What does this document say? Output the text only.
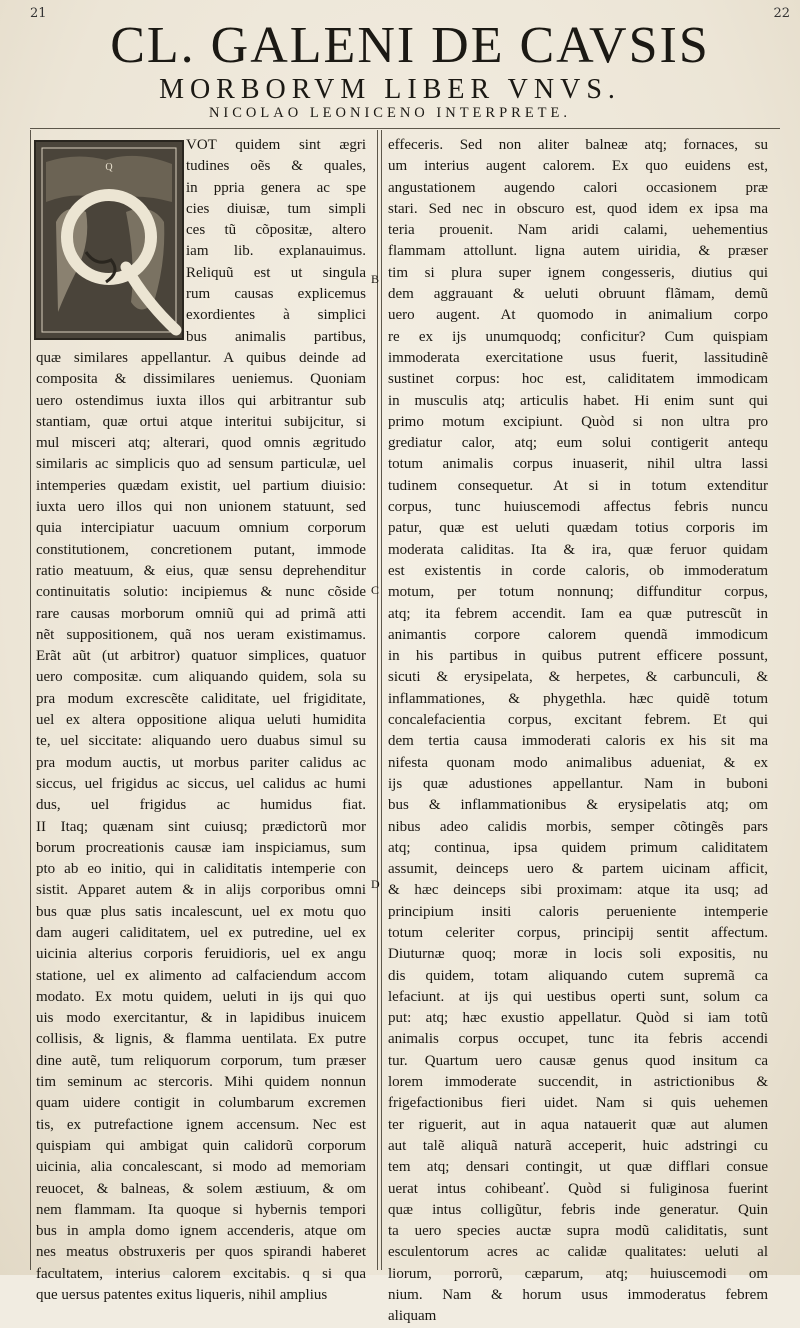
21	22
CL. GALENI DE CAVSIS
MORBORVM LIBER VNVS.
NICOLAO LEONICENO INTERPRETE.
Q
VOT quidem sint ægri
tudines oẽs & quales,
in ppria genera ac spe
cies diuisæ, tum simpli
ces tũ cõpositæ, altero
iam lib. explanauimus.
Reliquũ est ut singula
rum causas explicemus
exordientes à simplici
bus animalis partibus,
quæ similares appellantur. A quibus deinde ad
composita & dissimilares ueniemus. Quoniam
uero ostendimus iuxta illos qui arbitrantur sub
stantiam, quæ ortui atque interitui subijcitur, si
mul misceri atq; alterari, quod omnis ægritudo
similaris ac simplicis quo ad sensum particulæ, uel
intemperies quædam existit, uel partium diuisio:
iuxta uero illos qui non unionem statuunt, sed
quia intercipiatur uacuum omnium corporum
constitutionem, concretionem putant, immode
ratio meatuum, & eius, quæ sensu deprehenditur
continuitatis solutio: incipiemus & nunc cõside
rare causas morborum omniũ qui ad primã atti
nẽt suppositionem, quã nos ueram existimamus.
Erãt aũt (ut arbitror) quatuor simplices, quatuor
uero compositæ. cum aliquando quidem, sola su
pra modum excrescẽte caliditate, uel frigiditate,
uel ex altera oppositione aliqua ueluti humidita
te, uel siccitate: aliquando uero duabus simul su
pra modum auctis, ut morbus pariter calidus ac
siccus, uel frigidus ac siccus, uel calidus ac humi
dus, uel frigidus ac humidus fiat.
II Itaq; quænam sint cuiusq; prædictorũ mor
borum procreationis causæ iam inspiciamus, sum
pto ab eo initio, qui in caliditatis intemperie con
sistit. Apparet autem & in alijs corporibus omni
bus quæ plus satis incalescunt, uel ex motu quo
dam augeri caliditatem, uel ex putredine, uel ex
uicinia alterius corporis feruidioris, uel ex angu
statione, uel ex alimento ad calfaciendum accom
modato. Ex motu quidem, ueluti in ijs qui quo
uis modo exercitantur, & in lapidibus inuicem
collisis, & lignis, & flamma uentilata. Ex putre
dine autẽ, tum reliquorum corporum, tum præser
tim seminum ac stercoris. Mihi quidem nonnun
quam uidere contigit in columbarum excremen
tis, ex putrefactione ignem accensum. Nec est
quispiam qui ambigat quin calidorũ corporum
uicinia, alia concalescant, si modo ad memoriam
reuocet, & balneas, & solem æstiuum, & om
nem flammam. Ita quoque si hybernis tempori
bus in ampla domo ignem accenderis, atque om
nes meatus obstruxeris per quos spirandi haberet
facultatem, interius calorem excitabis. q si qua
que uersus patentes exitus liqueris, nihil amplius
effeceris. Sed non aliter balneæ atq; fornaces, su
um interius augent calorem. Ex quo euidens est,
angustationem augendo calori occasionem præ
stari. Sed nec in obscuro est, quod idem ex ipsa ma
teria prouenit. Nam aridi calami, uehementius
flammam attollunt. ligna autem uiridia, & præser
tim si plura super ignem congesseris, diutius qui
dem aggrauant & ueluti obruunt flãmam, demũ
uero augent. At quomodo in animalium corpo
re ex ijs unumquodq; conficitur? Cum quispiam
immoderata exercitatione usus fuerit, lassitudinẽ
sustinet corpus: hoc est, caliditatem immodicam
in musculis atq; articulis habet. Hi enim sunt qui
primo motum excipiunt. Quòd si non ultra pro
grediatur calor, atq; eum solui contigerit antequ
totum animalis corpus inuaserit, nihil ultra lassi
tudinem consequetur. At si in totum extenditur
corpus, tunc huiuscemodi affectus febris nuncu
patur, quæ est ueluti quædam totius corporis im
moderata caliditas. Ita & ira, quæ feruor quidam
est existentis in corde caloris, ob immoderatum
motum, per totum nonnunq; diffunditur corpus,
atq; ita febrem accendit. Iam ea quæ putrescũt in
animantis corpore calorem quendã immodicum
in his partibus in quibus putrent efficere possunt,
sicuti & erysipelata, & herpetes, & carbunculi, &
inflammationes, & phygethla. hæc quidẽ totum
concalefacientia corpus, excitant febrem. Et qui
dem tertia causa immoderati caloris ex his sit ma
nifesta quonam modo animalibus adueniat, & ex
ijs quæ adustiones appellantur. Nam in buboni
bus & inflammationibus & erysipelatis atq; om
nibus adeo calidis morbis, semper cõtingẽs pars
atq; continua, ipsa quidem primum caliditatem
assumit, deinceps uero & partem uicinam afficit,
& hæc deinceps sibi proximam: atque ita usq; ad
principium insiti caloris perueniente intemperie
totum celeriter corpus, principij sentit affectum.
Diuturnæ quoq; moræ in locis soli expositis, nu
dis quidem, totam aliquando cutem supremã ca
lefaciunt. at ijs qui uestibus operti sunt, solum ca
put: atq; hæc exustio appellatur. Quòd si iam totũ
animalis corpus occupet, tunc ita febris accendi
tur. Quartum uero causæ genus quod insitum ca
lorem immoderate succendit, in astrictionibus &
frigefactionibus fieri uidet. Nam si quis uehemen
ter riguerit, aut in aqua natauerit quæ aut alumen
aut talẽ aliquã naturã acceperit, huic adstringi cu
tem atq; densari contingit, ut quæ difflari consue
uerat intus cohibeanť. Quòd si fuliginosa fuerint
quæ intus colligũtur, febris inde generatur. Quin
ta uero species auctæ supra modũ caliditatis, sunt
esculentorum acres ac calidæ qualitates: ueluti al
liorum, porrorũ, cæparum, atq; huiuscemodi om
nium. Nam & horum usus immoderatus febrem
aliquam
B
C
D
